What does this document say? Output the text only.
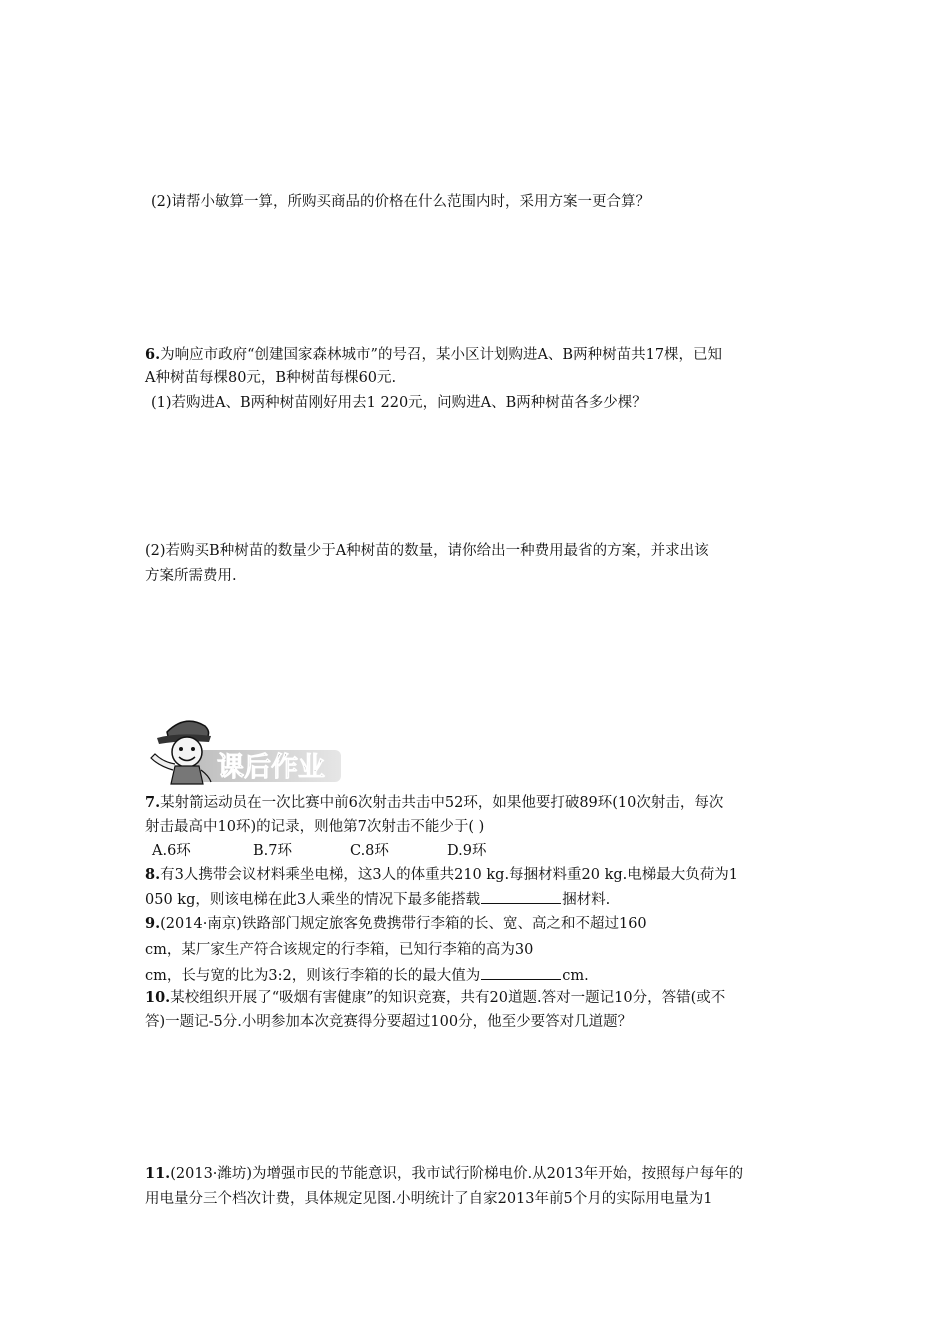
(2)请帮小敏算一算，所购买商品的价格在什么范围内时，采用方案一更合算？
6.为响应市政府“创建国家森林城市”的号召，某小区计划购进A、B两种树苗共17棵，已知
A种树苗每棵80元，B种树苗每棵60元.
(1)若购进A、B两种树苗刚好用去1 220元，问购进A、B两种树苗各多少棵？
(2)若购买B种树苗的数量少于A种树苗的数量，请你给出一种费用最省的方案，并求出该
方案所需费用.
课后作业
7.某射箭运动员在一次比赛中前6次射击共击中52环，如果他要打破89环(10次射击，每次
射击最高中10环)的记录，则他第7次射击不能少于( )
A.6环	B.7环	C.8环	D.9环
8.有3人携带会议材料乘坐电梯，这3人的体重共210 kg.每捆材料重20 kg.电梯最大负荷为1
050 kg，则该电梯在此3人乘坐的情况下最多能搭载	捆材料.
9.(2014·南京)铁路部门规定旅客免费携带行李箱的长、宽、高之和不超过160
cm，某厂家生产符合该规定的行李箱，已知行李箱的高为30
cm，长与宽的比为3:2，则该行李箱的长的最大值为	cm.
10.某校组织开展了“吸烟有害健康”的知识竞赛，共有20道题.答对一题记10分，答错(或不
答)一题记-5分.小明参加本次竞赛得分要超过100分，他至少要答对几道题？
11.(2013·潍坊)为增强市民的节能意识，我市试行阶梯电价.从2013年开始，按照每户每年的
用电量分三个档次计费，具体规定见图.小明统计了自家2013年前5个月的实际用电量为1
